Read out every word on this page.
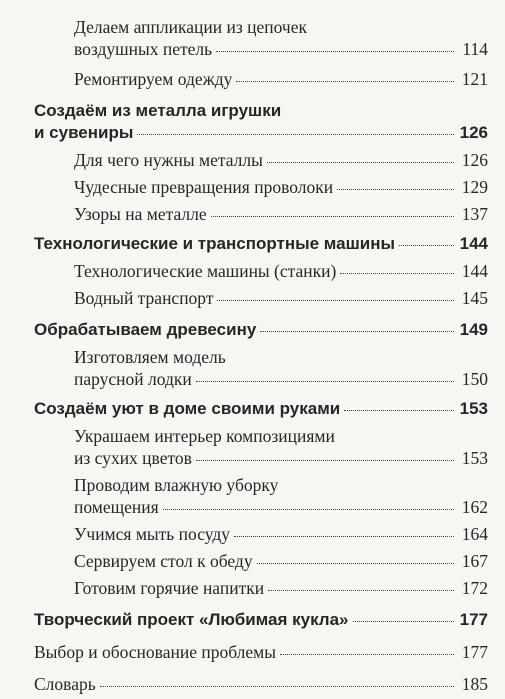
Делаем аппликации из цепочек
воздушных петель	114
Ремонтируем одежду	121
Создаём из металла игрушки
и сувениры	126
Для чего нужны металлы	126
Чудесные превращения проволоки	129
Узоры на металле	137
Технологические и транспортные машины	144
Технологические машины (станки)	144
Водный транспорт	145
Обрабатываем древесину	149
Изготовляем модель
парусной лодки	150
Создаём уют в доме своими руками	153
Украшаем интерьер композициями
из сухих цветов	153
Проводим влажную уборку
помещения	162
Учимся мыть посуду	164
Сервируем стол к обеду	167
Готовим горячие напитки	172
Творческий проект «Любимая кукла»	177
Выбор и обоснование проблемы	177
Словарь	185
